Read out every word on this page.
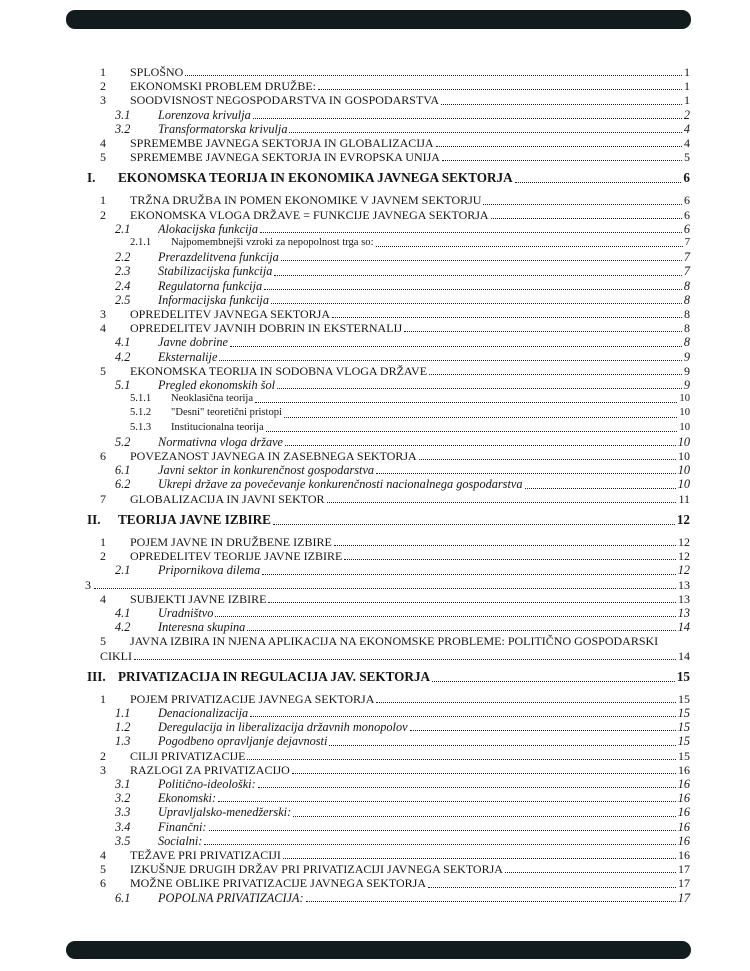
1	SPLOŠNO	1
2	EKONOMSKI PROBLEM DRUŽBE:	1
3	SOODVISNOST NEGOSPODARSTVA IN GOSPODARSTVA	1
3.1	Lorenzova krivulja	2
3.2	Transformatorska krivulja	4
4	SPREMEMBE JAVNEGA SEKTORJA IN GLOBALIZACIJA	4
5	SPREMEMBE JAVNEGA SEKTORJA IN EVROPSKA UNIJA	5
I.	EKONOMSKA TEORIJA IN EKONOMIKA JAVNEGA SEKTORJA	6
1	TRŽNA DRUŽBA IN POMEN EKONOMIKE V JAVNEM SEKTORJU	6
2	EKONOMSKA VLOGA DRŽAVE = FUNKCIJE JAVNEGA SEKTORJA	6
2.1	Alokacijska funkcija	6
2.1.1	Najpomembnejši vzroki za nepopolnost trga so:	7
2.2	Prerazdelitvena funkcija	7
2.3	Stabilizacijska funkcija	7
2.4	Regulatorna funkcija	8
2.5	Informacijska funkcija	8
3	OPREDELITEV JAVNEGA SEKTORJA	8
4	OPREDELITEV JAVNIH DOBRIN IN EKSTERNALIJ	8
4.1	Javne dobrine	8
4.2	Eksternalije	9
5	EKONOMSKA TEORIJA IN SODOBNA VLOGA DRŽAVE	9
5.1	Pregled ekonomskih šol	9
5.1.1	Neoklasična teorija	10
5.1.2	"Desni" teoretični pristopi	10
5.1.3	Institucionalna teorija	10
5.2	Normativna vloga države	10
6	POVEZANOST JAVNEGA IN ZASEBNEGA SEKTORJA	10
6.1	Javni sektor in konkurenčnost gospodarstva	10
6.2	Ukrepi države za povečevanje konkurenčnosti nacionalnega gospodarstva	10
7	GLOBALIZACIJA IN JAVNI SEKTOR	11
II.	TEORIJA JAVNE IZBIRE	12
1	POJEM JAVNE IN DRUŽBENE IZBIRE	12
2	OPREDELITEV TEORIJE JAVNE IZBIRE	12
2.1	Pripornikova dilema	12
3	13
4	SUBJEKTI JAVNE IZBIRE	13
4.1	Uradništvo	13
4.2	Interesna skupina	14
5	JAVNA IZBIRA IN NJENA APLIKACIJA NA EKONOMSKE PROBLEME: POLITIČNO GOSPODARSKI
CIKLI	14
III. PRIVATIZACIJA IN REGULACIJA JAV. SEKTORJA	15
1	POJEM PRIVATIZACIJE JAVNEGA SEKTORJA	15
1.1	Denacionalizacija	15
1.2	Deregulacija in liberalizacija državnih monopolov	15
1.3	Pogodbeno opravljanje dejavnosti	15
2	CILJI PRIVATIZACIJE	15
3	RAZLOGI ZA PRIVATIZACIJO	16
3.1	Politično-ideološki:	16
3.2	Ekonomski:	16
3.3	Upravljalsko-menedžerski:	16
3.4	Finančni:	16
3.5	Socialni:	16
4	TEŽAVE PRI PRIVATIZACIJI	16
5	IZKUŠNJE DRUGIH DRŽAV PRI PRIVATIZACIJI JAVNEGA SEKTORJA	17
6	MOŽNE OBLIKE PRIVATIZACIJE JAVNEGA SEKTORJA	17
6.1	POPOLNA PRIVATIZACIJA:	17
